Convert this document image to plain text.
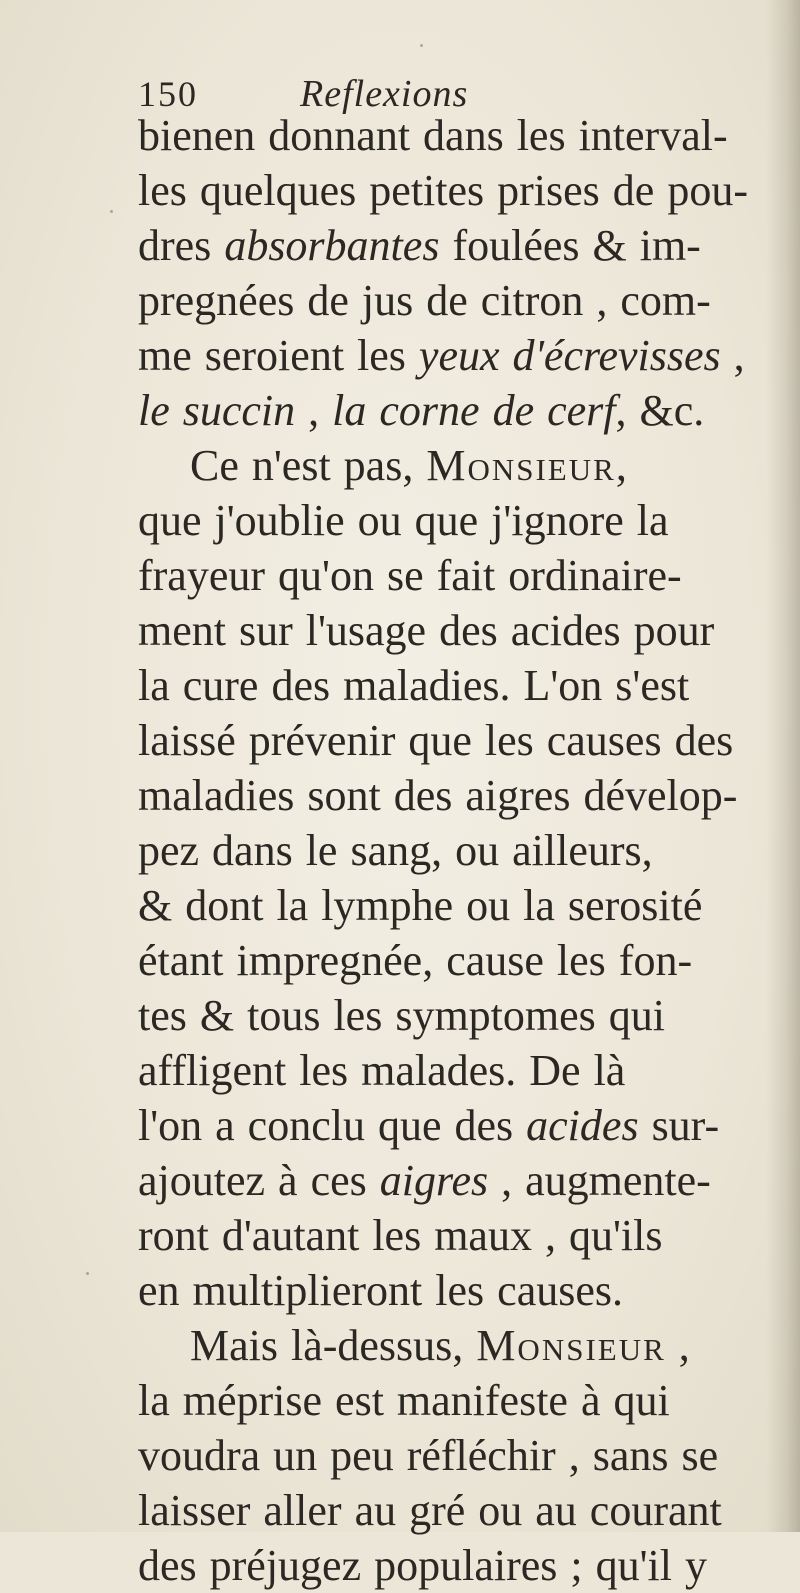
150	Reflexions
bienen donnant dans les interval-
les quelques petites prises de pou-
dres absorbantes foulées & im-
pregnées de jus de citron , com-
me seroient les yeux d'écrevisses ,
le succin , la corne de cerf, &c.
Ce n'est pas, Monsieur,
que j'oublie ou que j'ignore la
frayeur qu'on se fait ordinaire-
ment sur l'usage des acides pour
la cure des maladies. L'on s'est
laissé prévenir que les causes des
maladies sont des aigres dévelop-
pez dans le sang, ou ailleurs,
& dont la lymphe ou la serosité
étant impregnée, cause les fon-
tes & tous les symptomes qui
affligent les malades. De là
l'on a conclu que des acides sur-
ajoutez à ces aigres , augmente-
ront d'autant les maux , qu'ils
en multiplieront les causes.
Mais là-dessus, Monsieur ,
la méprise est manifeste à qui
voudra un peu réfléchir , sans se
laisser aller au gré ou au courant
des préjugez populaires ; qu'il y
